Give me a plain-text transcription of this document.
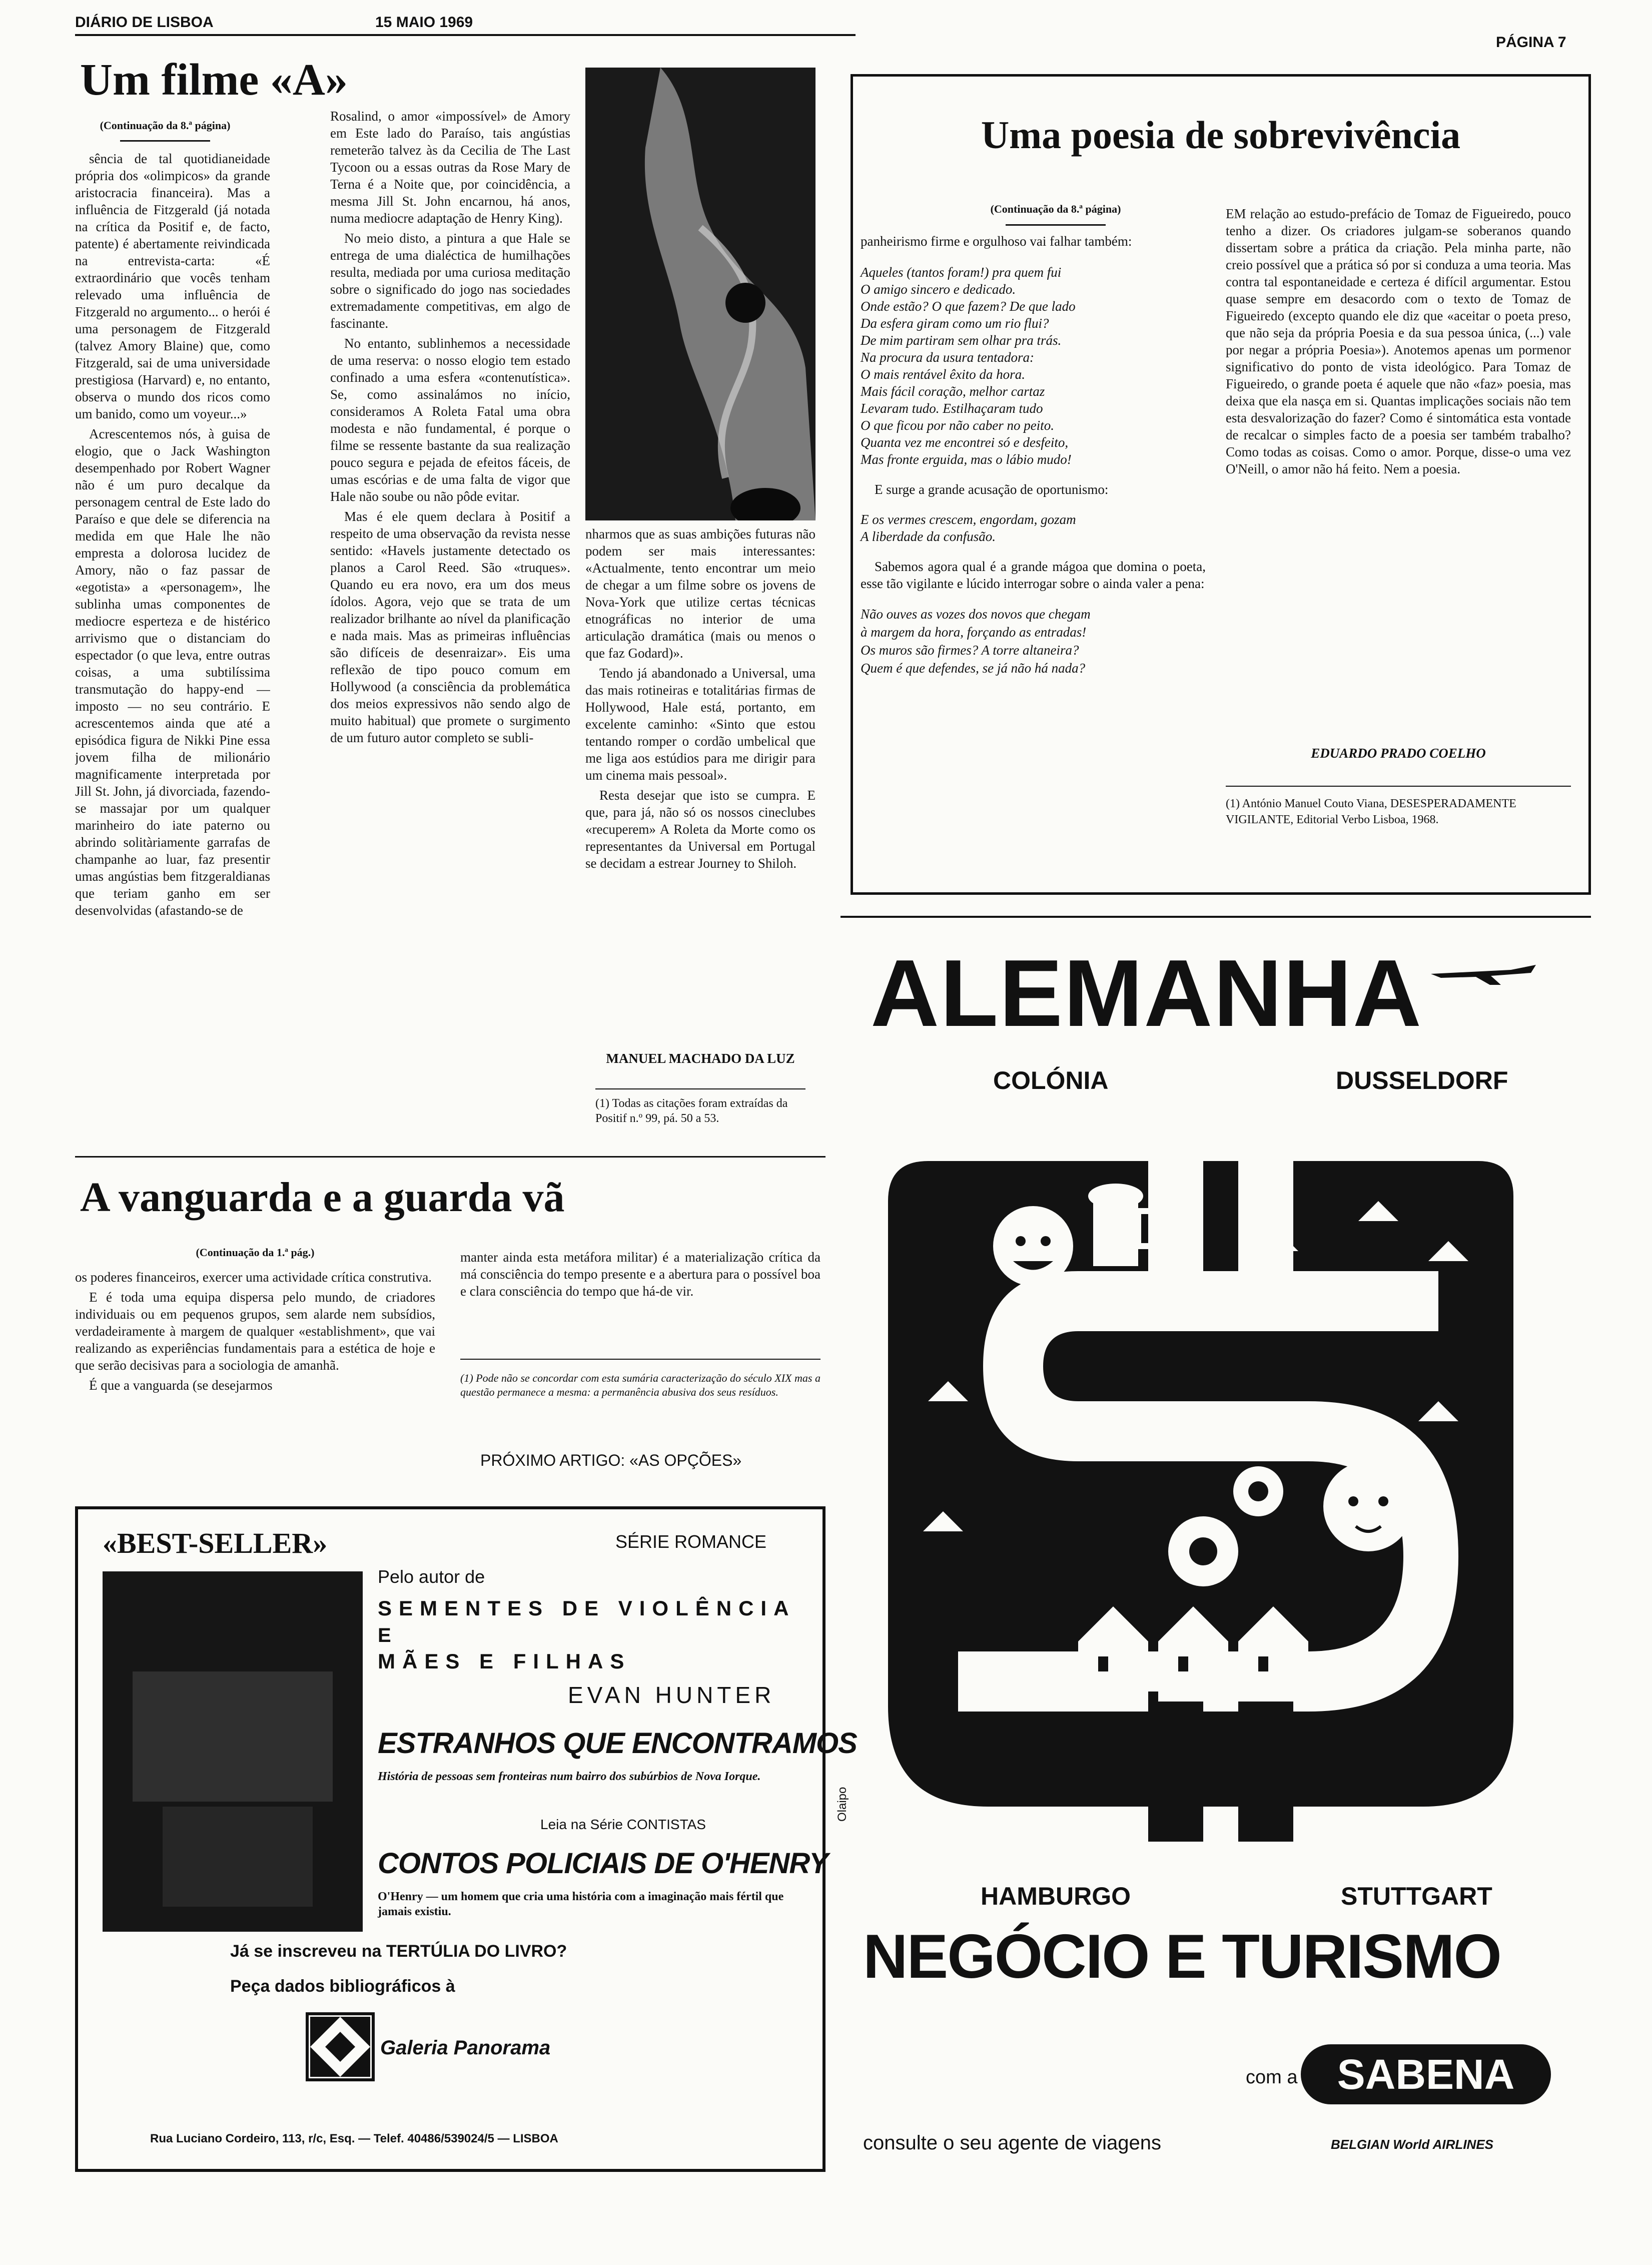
DIÁRIO DE LISBOA	15 MAIO 1969
PÁGINA 7
Um filme «A»
(Continuação da 8.ª página)

sência de tal quotidianeidade própria dos «olimpicos» da grande aristocracia financeira). Mas a influência de Fitzgerald (já notada na crítica da Positif e, de facto, patente) é abertamente reivindicada na entrevista-carta: «É extraordinário que vocês tenham relevado uma influência de Fitzgerald no argumento... o herói é uma personagem de Fitzgerald (talvez Amory Blaine) que, como Fitzgerald, sai de uma universidade prestigiosa (Harvard) e, no entanto, observa o mundo dos ricos como um banido, como um voyeur...»

Acrescentemos nós, à guisa de elogio, que o Jack Washington desempenhado por Robert Wagner não é um puro decalque da personagem central de Este lado do Paraíso e que dele se diferencia na medida em que Hale lhe não empresta a dolorosa lucidez de Amory, não o faz passar de «egotista» a «personagem», lhe sublinha umas componentes de mediocre esperteza e de histérico arrivismo que o distanciam do espectador (o que leva, entre outras coisas, a uma subtilíssima transmutação do happy-end — imposto — no seu contrário. E acrescentemos ainda que até a episódica figura de Nikki Pine essa jovem filha de milionário magnificamente interpretada por Jill St. John, já divorciada, fazendo-se massajar por um qualquer marinheiro do iate paterno ou abrindo solitàriamente garrafas de champanhe ao luar, faz presentir umas angústias bem fitzgeraldianas que teriam ganho em ser desenvolvidas (afastando-se de

Rosalind, o amor «impossível» de Amory em Este lado do Paraíso, tais angústias remeterão talvez às da Cecilia de The Last Tycoon ou a essas outras da Rose Mary de Terna é a Noite que, por coincidência, a mesma Jill St. John encarnou, há anos, numa mediocre adaptação de Henry King).

No meio disto, a pintura a que Hale se entrega de uma dialéctica de humilhações resulta, mediada por uma curiosa meditação sobre o significado do jogo nas sociedades extremadamente competitivas, em algo de fascinante.

No entanto, sublinhemos a necessidade de uma reserva: o nosso elogio tem estado confinado a uma esfera «contenutística». Se, como assinalámos no início, consideramos A Roleta Fatal uma obra modesta e não fundamental, é porque o filme se ressente bastante da sua realização pouco segura e pejada de efeitos fáceis, de umas escórias e de uma falta de vigor que Hale não soube ou não pôde evitar.

Mas é ele quem declara à Positif a respeito de uma observação da revista nesse sentido: «Havels justamente detectado os planos a Carol Reed. São «truques». Quando eu era novo, era um dos meus ídolos. Agora, vejo que se trata de um realizador brilhante ao nível da planificação e nada mais. Mas as primeiras influências são difíceis de desenraizar». Eis uma reflexão de tipo pouco comum em Hollywood (a consciência da problemática dos meios expressivos não sendo algo de muito habitual) que promete o surgimento de um futuro autor completo se subli-

nharmos que as suas ambições futuras não podem ser mais interessantes: «Actualmente, tento encontrar um meio de chegar a um filme sobre os jovens de Nova-York que utilize certas técnicas etnográficas no interior de uma articulação dramática (mais ou menos o que faz Godard)».

Tendo já abandonado a Universal, uma das mais rotineiras e totalitárias firmas de Hollywood, Hale está, portanto, em excelente caminho: «Sinto que estou tentando romper o cordão umbelical que me liga aos estúdios para me dirigir para um cinema mais pessoal».

Resta desejar que isto se cumpra. E que, para já, não só os nossos cineclubes «recuperem» A Roleta da Morte como os representantes da Universal em Portugal se decidam a estrear Journey to Shiloh.

MANUEL MACHADO DA LUZ
(1) Todas as citações foram extraídas da Positif n.º 99, pá. 50 a 53.
Uma poesia de sobrevivência
(Continuação da 8.ª página)
panheirismo firme e orgulhoso vai falhar também:
Aqueles (tantos foram!) pra quem fui
O amigo sincero e dedicado.
Onde estão? O que fazem? De que lado
Da esfera giram como um rio flui?
De mim partiram sem olhar pra trás.
Na procura da usura tentadora:
O mais rentável êxito da hora.
Mais fácil coração, melhor cartaz
Levaram tudo. Estilhaçaram tudo
O que ficou por não caber no peito.
Quanta vez me encontrei só e desfeito,
Mas fronte erguida, mas o lábio mudo!
E surge a grande acusação de oportunismo:
E os vermes crescem, engordam, gozam
A liberdade da confusão.
Sabemos agora qual é a grande mágoa que domina o poeta, esse tão vigilante e lúcido interrogar sobre o ainda valer a pena:
Não ouves as vozes dos novos que chegam
à margem da hora, forçando as entradas!
Os muros são firmes? A torre altaneira?
Quem é que defendes, se já não há nada?

EM relação ao estudo-prefácio de Tomaz de Figueiredo, pouco tenho a dizer. Os criadores julgam-se soberanos quando dissertam sobre a prática da criação. Pela minha parte, não creio possível que a prática só por si conduza a uma teoria. Mas contra tal espontaneidade e certeza é difícil argumentar. Estou quase sempre em desacordo com o texto de Tomaz de Figueiredo (excepto quando ele diz que «aceitar o poeta preso, que não seja da própria Poesia e da sua pessoa única, (...) vale por negar a própria Poesia»). Anotemos apenas um pormenor significativo do ponto de vista ideológico. Para Tomaz de Figueiredo, o grande poeta é aquele que não «faz» poesia, mas deixa que ela nasça em si. Quantas implicações sociais não tem esta desvalorização do fazer? Como é sintomática esta vontade de recalcar o simples facto de a poesia ser também trabalho? Como todas as coisas. Como o amor. Porque, disse-o uma vez O'Neill, o amor não há feito. Nem a poesia.

EDUARDO PRADO COELHO
(1) António Manuel Couto Viana, DESESPERADAMENTE VIGILANTE, Editorial Verbo Lisboa, 1968.
A vanguarda e a guarda vã
(Continuação da 1.ª pág.)

os poderes financeiros, exercer uma actividade crítica construtiva.

E é toda uma equipa dispersa pelo mundo, de criadores individuais ou em pequenos grupos, sem alarde nem subsídios, verdadeiramente à margem de qualquer «establishment», que vai realizando as experiências fundamentais para a estética de hoje e que serão decisivas para a sociologia de amanhã.

É que a vanguarda (se desejarmos

manter ainda esta metáfora militar) é a materialização crítica da má consciência do tempo presente e a abertura para o possível boa e clara consciência do tempo que há-de vir.
(1) Pode não se concordar com esta sumária caracterização do século XIX mas a questão permanece a mesma: a permanência abusiva dos seus resíduos.
PRÓXIMO ARTIGO: «AS OPÇÕES»
«BEST-SELLER»	SÉRIE ROMANCE
Pelo autor de
SEMENTES DE VIOLÊNCIA
E
MÃES E FILHAS
EVAN HUNTER
ESTRANHOS QUE ENCONTRAMOS
História de pessoas sem fronteiras num bairro dos subúrbios de Nova Iorque.
Leia na Série CONTISTAS
CONTOS POLICIAIS DE O'HENRY
O'Henry — um homem que cria uma história com a imaginação mais fértil que jamais existiu.
Já se inscreveu na TERTÚLIA DO LIVRO?
Peça dados bibliográficos à
Galeria Panorama
Rua Luciano Cordeiro, 113, r/c, Esq. — Telef. 40486/539024/5 — LISBOA
ALEMANHA
COLÓNIA	DUSSELDORF
Olaipo
HAMBURGO	STUTTGART
NEGÓCIO E TURISMO
com a SABENA
consulte o seu agente de viagens	BELGIAN World AIRLINES
